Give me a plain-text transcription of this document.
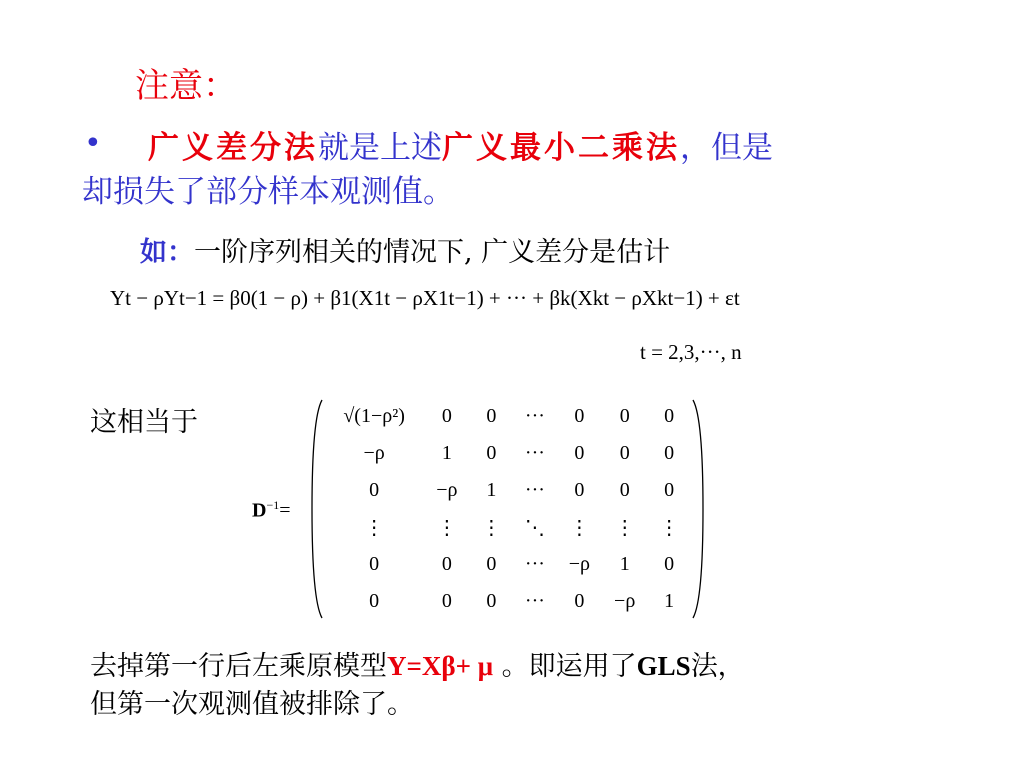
注意：
• 广义差分法就是上述广义最小二乘法，但是
却损失了部分样本观测值。
如：一阶序列相关的情况下, 广义差分是估计
Yt − ρYt−1 = β0(1 − ρ) + β1(X1t − ρX1t−1) + ··· + βk(Xkt − ρXkt−1) + εt
t = 2,3,···, n
这相当于
$D^{-1}=$
√(1−ρ²)	0	0	···	0	0	0
−ρ	1	0	···	0	0	0
0	−ρ	1	···	0	0	0
⋮	⋮	⋮	⋱	⋮	⋮	⋮
0	0	0	···	−ρ	1	0
0	0	0	···	0	−ρ	1
去掉第一行后左乘原模型Y=Xβ+ μ 。即运用了GLS法，
但第一次观测值被排除了。
